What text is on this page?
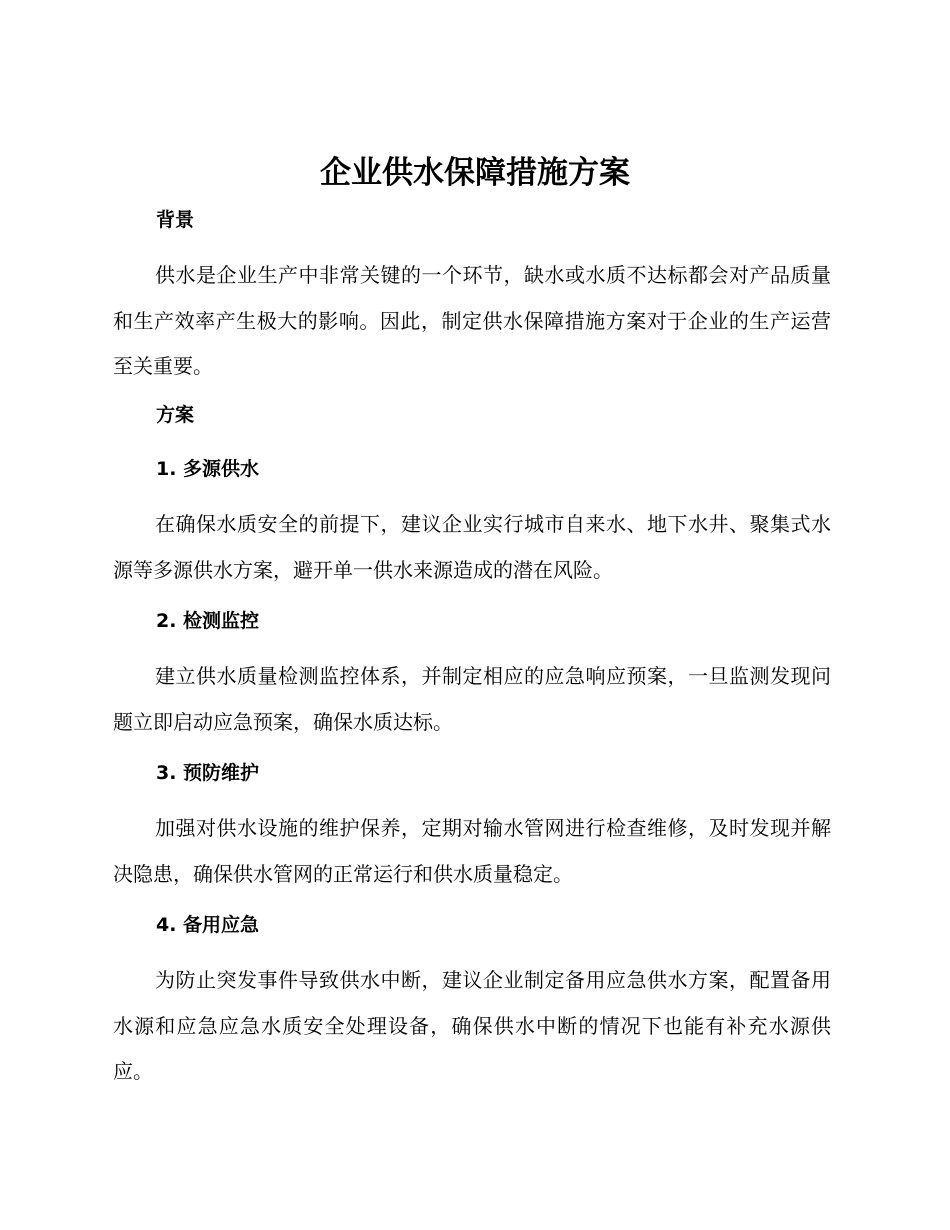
企业供水保障措施方案
背景

供水是企业生产中非常关键的一个环节，缺水或水质不达标都会对产品质量和生产效率产生极大的影响。因此，制定供水保障措施方案对于企业的生产运营至关重要。

方案
1. 多源供水

在确保水质安全的前提下，建议企业实行城市自来水、地下水井、聚集式水源等多源供水方案，避开单一供水来源造成的潜在风险。

2. 检测监控

建立供水质量检测监控体系，并制定相应的应急响应预案，一旦监测发现问题立即启动应急预案，确保水质达标。

3. 预防维护

加强对供水设施的维护保养，定期对输水管网进行检查维修，及时发现并解决隐患，确保供水管网的正常运行和供水质量稳定。

4. 备用应急

为防止突发事件导致供水中断，建议企业制定备用应急供水方案，配置备用水源和应急应急水质安全处理设备，确保供水中断的情况下也能有补充水源供应。
